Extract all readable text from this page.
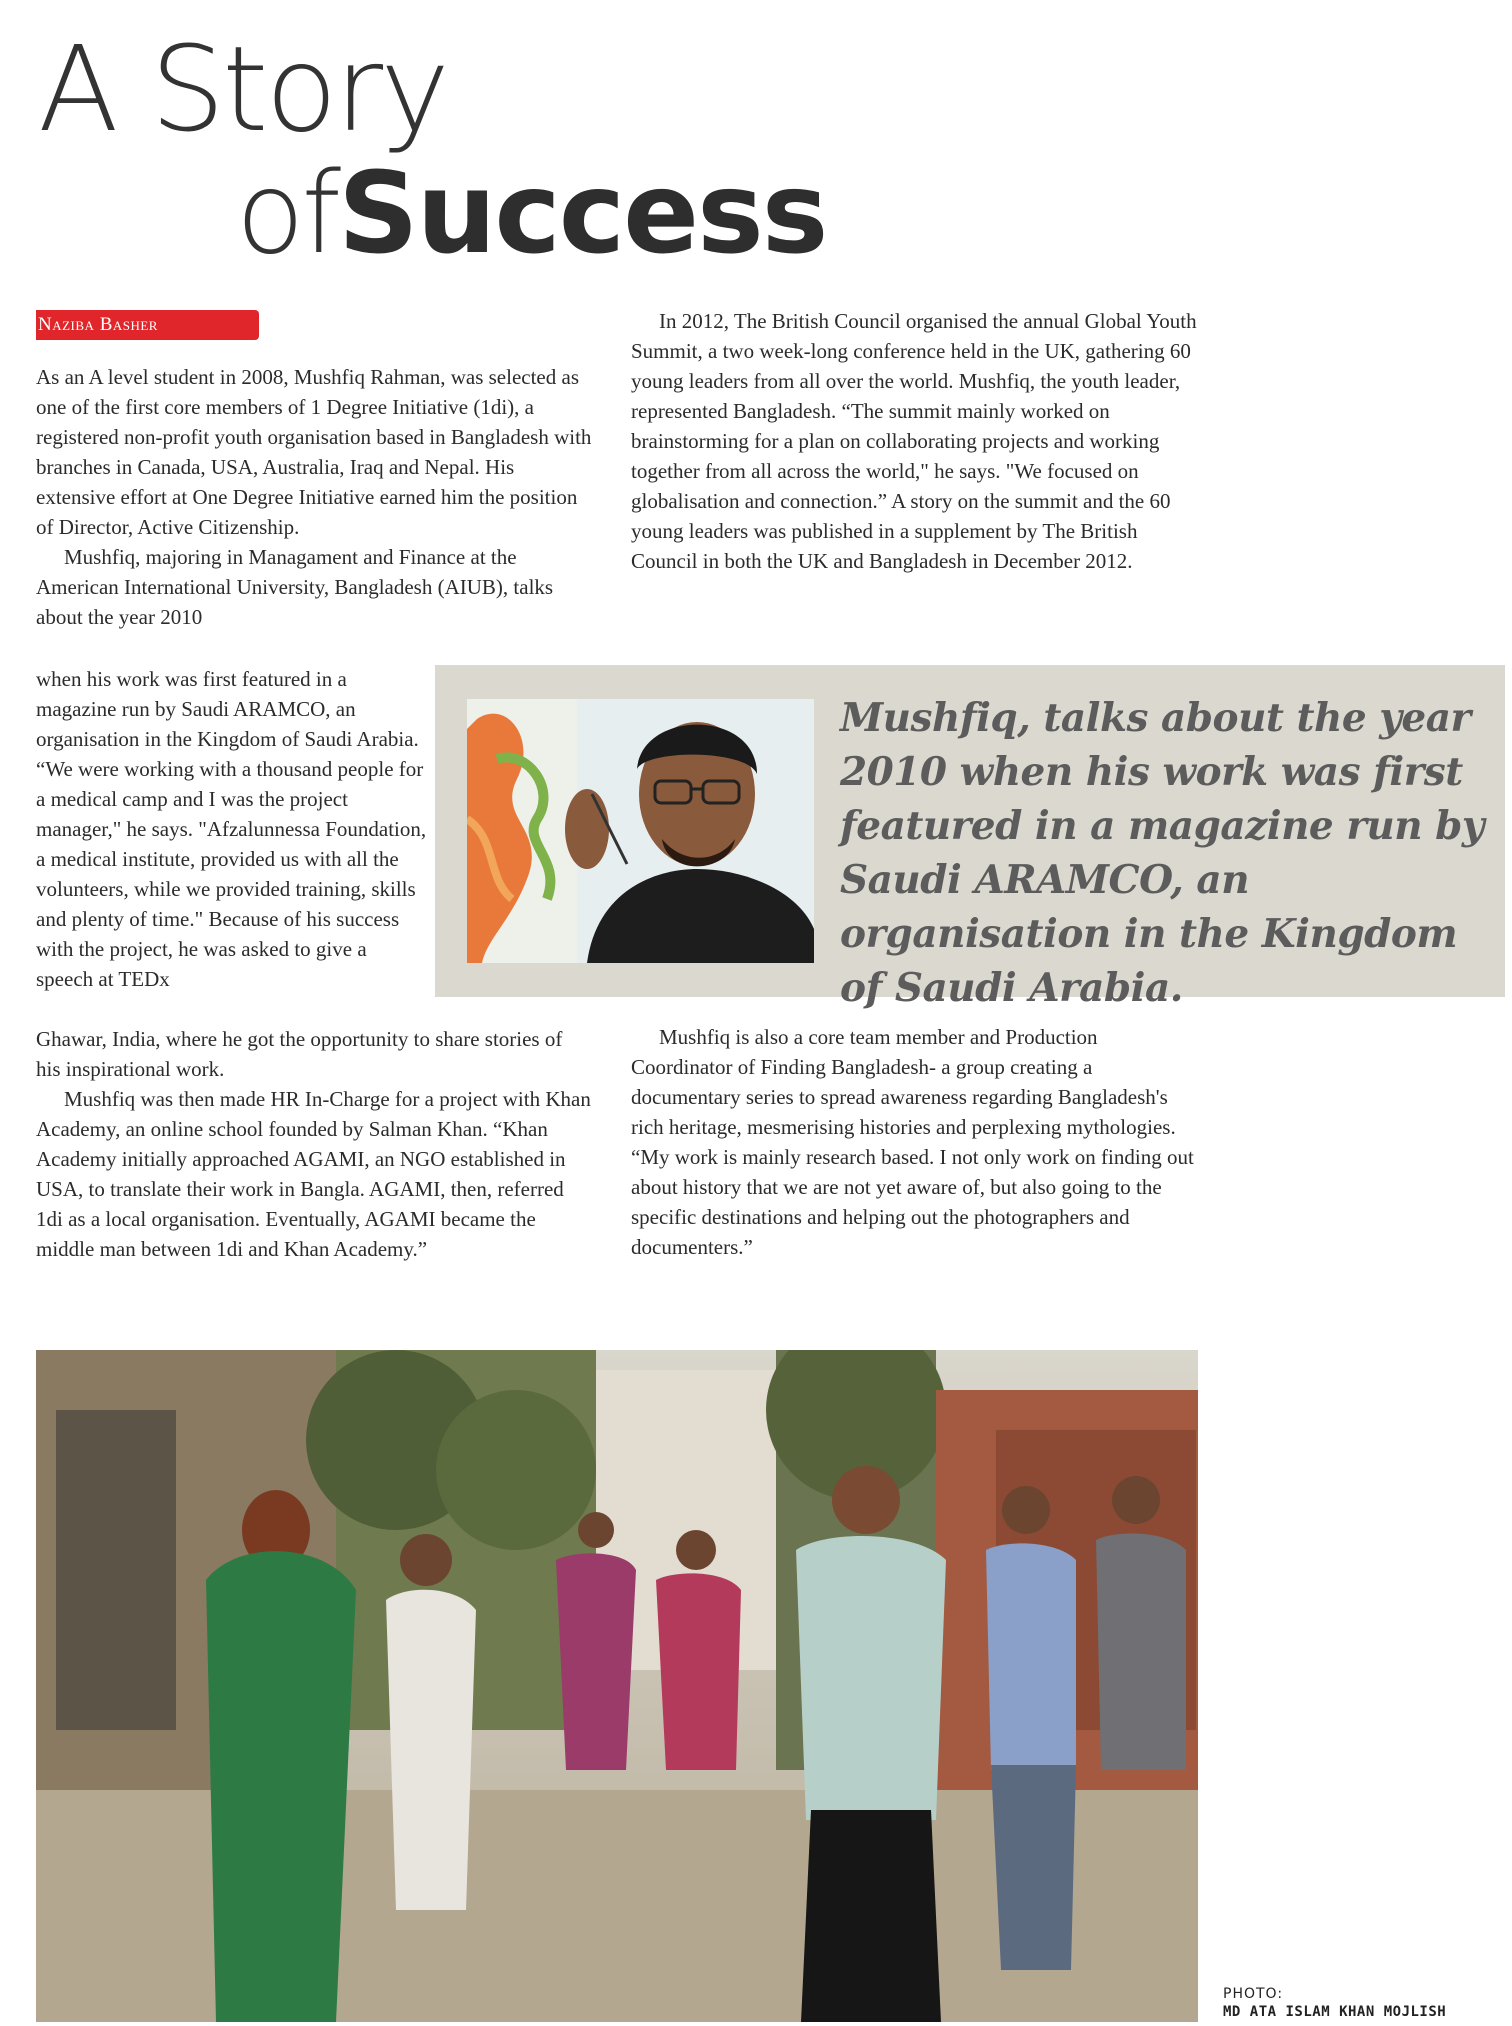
A Story
ofSuccess
Naziba Basher

As an A level student in 2008, Mushfiq Rahman, was selected as one of the first core members of 1 Degree Initiative (1di), a registered non-profit youth organisation based in Bangladesh with branches in Canada, USA, Australia, Iraq and Nepal. His extensive effort at One Degree Initiative earned him the position of Director, Active Citizenship.

Mushfiq, majoring in Managament and Finance at the American International University, Bangladesh (AIUB), talks about the year 2010

when his work was first featured in a magazine run by Saudi ARAMCO, an organisation in the Kingdom of Saudi Arabia. “We were working with a thousand people for a medical camp and I was the project manager," he says. "Afzalunnessa Foundation, a medical institute, provided us with all the volunteers, while we provided training, skills and plenty of time." Because of his success with the project, he was asked to give a speech at TEDx

Ghawar, India, where he got the opportunity to share stories of his inspirational work.

Mushfiq was then made HR In-Charge for a project with Khan Academy, an online school founded by Salman Khan. “Khan Academy initially approached AGAMI, an NGO established in USA, to translate their work in Bangla. AGAMI, then, referred 1di as a local organisation. Eventually, AGAMI became the middle man between 1di and Khan Academy.”

In 2012, The British Council organised the annual Global Youth Summit, a two week-long conference held in the UK, gathering 60 young leaders from all over the world. Mushfiq, the youth leader, represented Bangladesh. “The summit mainly worked on brainstorming for a plan on collaborating projects and working together from all across the world," he says. "We focused on globalisation and connection.” A story on the summit and the 60 young leaders was published in a supplement by The British Council in both the UK and Bangladesh in December 2012.

Mushfiq, talks about the year 2010 when his work was first featured in a magazine run by Saudi ARAMCO, an organisation in the Kingdom of Saudi Arabia.

Mushfiq is also a core team member and Production Coordinator of Finding Bangladesh- a group creating a documentary series to spread awareness regarding Bangladesh's rich heritage, mesmerising histories and perplexing mythologies. “My work is mainly research based. I not only work on finding out about history that we are not yet aware of, but also going to the specific destinations and helping out the photographers and documenters.”

PHOTO:
MD ATA ISLAM KHAN MOJLISH
